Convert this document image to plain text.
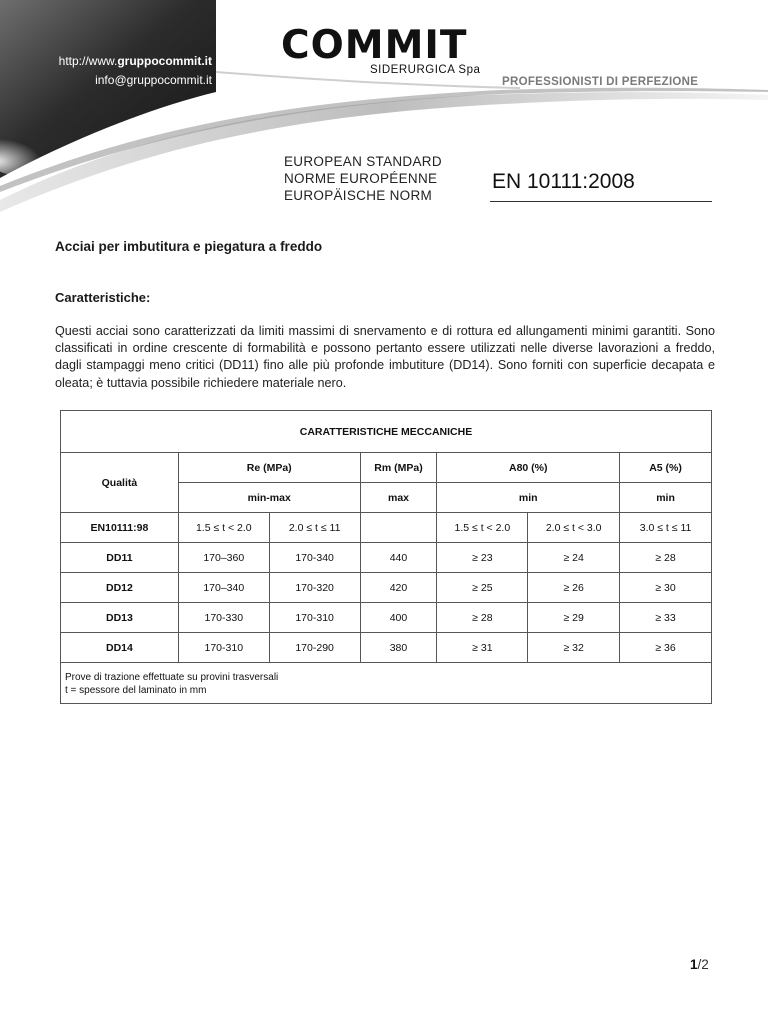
http://www.gruppocommit.it
info@gruppocommit.it
COMMIT
SIDERURGICA Spa
PROFESSIONISTI DI PERFEZIONE
EUROPEAN STANDARD
NORME EUROPÉENNE
EUROPÄISCHE NORM
EN 10111:2008
Acciai per imbutitura e piegatura a freddo
Caratteristiche:
Questi acciai sono caratterizzati da limiti massimi di snervamento e di rottura ed allungamenti minimi garantiti. Sono classificati in ordine crescente di formabilità e possono pertanto essere utilizzati nelle diverse lavorazioni a freddo, dagli stampaggi meno critici (DD11) fino alle più profonde imbutiture (DD14). Sono forniti con superficie decapata e oleata; è tuttavia possibile richiedere materiale nero.
CARATTERISTICHE MECCANICHE						
Qualità	Re (MPa)		Rm (MPa)	A80 (%)		A5 (%)
	min-max		max	min		min
EN10111:98	1.5 ≤ t < 2.0	2.0 ≤ t ≤ 11		1.5 ≤ t < 2.0	2.0 ≤ t < 3.0	3.0 ≤ t ≤ 11
DD11	170–360	170-340	440	≥ 23	≥ 24	≥ 28
DD12	170–340	170-320	420	≥ 25	≥ 26	≥ 30
DD13	170-330	170-310	400	≥ 28	≥ 29	≥ 33
DD14	170-310	170-290	380	≥ 31	≥ 32	≥ 36

Prove di trazione effettuate su provini trasversali
t = spessore del laminato in mm						
1/2
